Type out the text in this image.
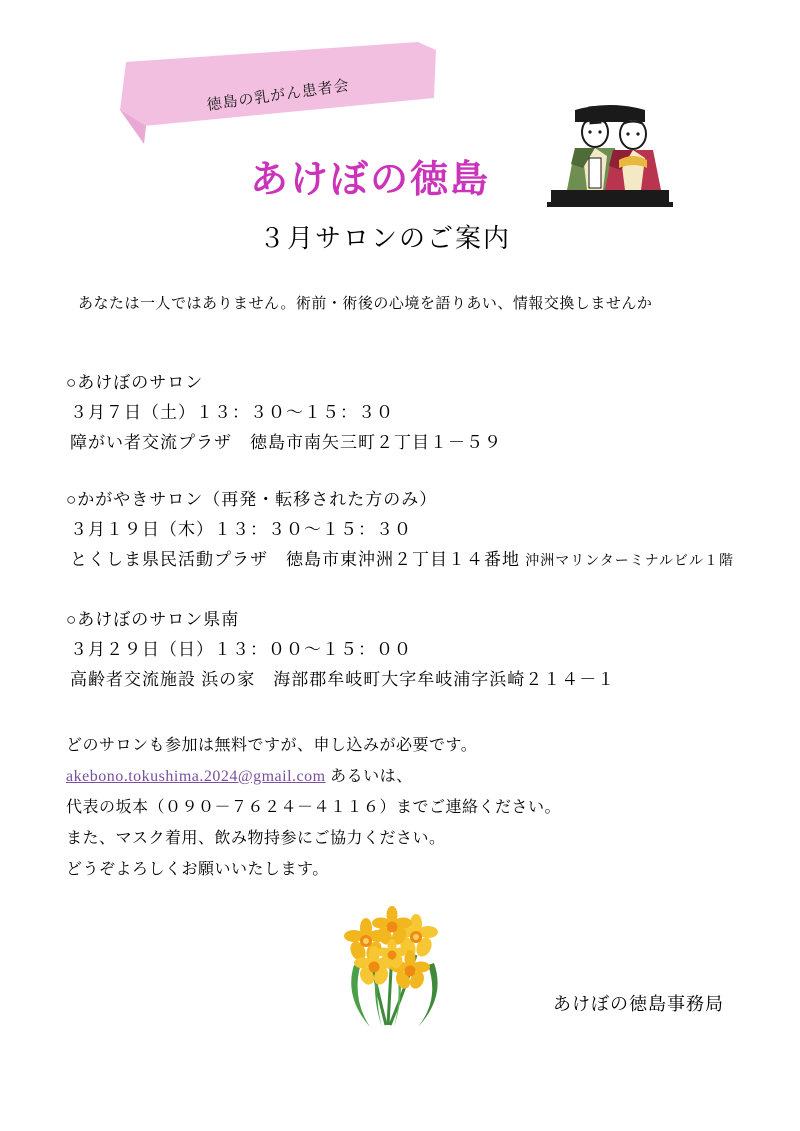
徳島の乳がん患者会
あけぼの徳島
３月サロンのご案内
あなたは一人ではありません。術前・術後の心境を語りあい、情報交換しませんか
○あけぼのサロン
３月７日（土）１３：３０～１５：３０
障がい者交流プラザ　徳島市南矢三町２丁目１－５９
○かがやきサロン（再発・転移された方のみ）
３月１９日（木）１３：３０～１５：３０
とくしま県民活動プラザ　徳島市東沖洲２丁目１４番地 沖洲マリンターミナルビル１階
○あけぼのサロン県南
３月２９日（日）１３：００～１５：００
高齢者交流施設 浜の家　海部郡牟岐町大字牟岐浦字浜崎２１４－１
どのサロンも参加は無料ですが、申し込みが必要です。
akebono.tokushima.2024@gmail.com あるいは、
代表の坂本（０９０－７６２４－４１１６）までご連絡ください。
また、マスク着用、飲み物持参にご協力ください。
どうぞよろしくお願いいたします。
あけぼの徳島事務局
